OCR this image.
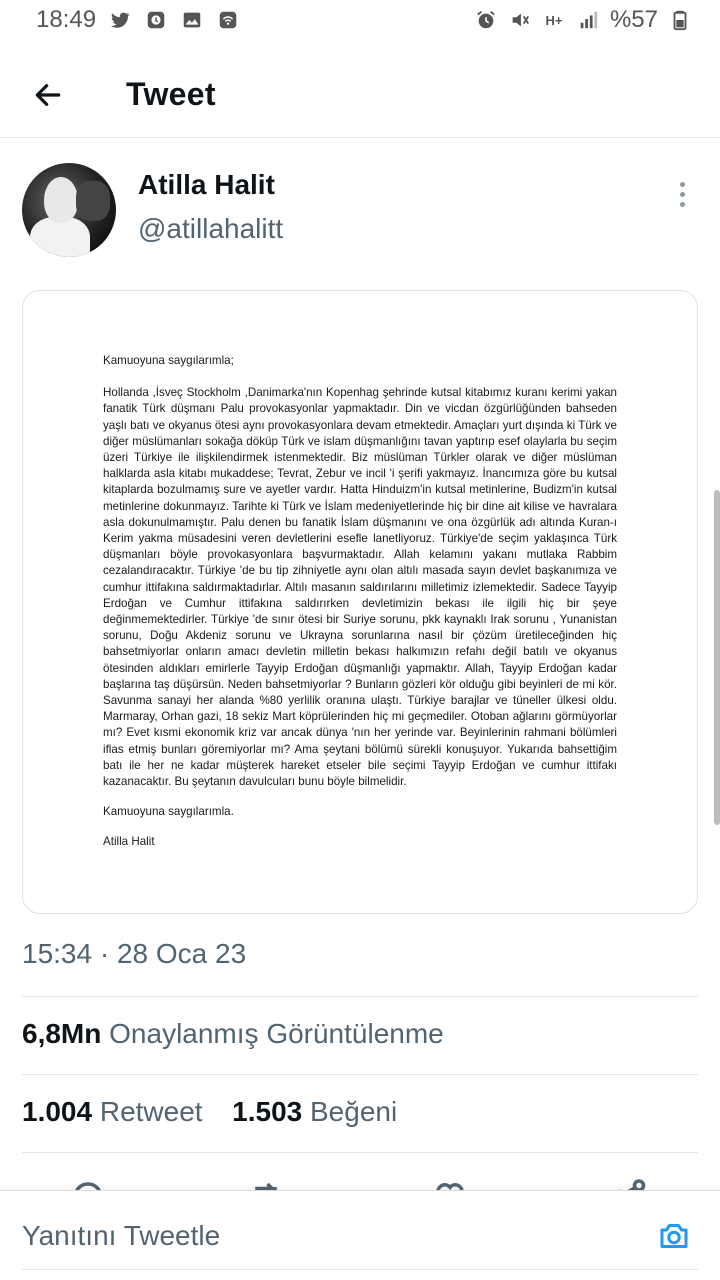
18:49	H+ %57
Tweet
Atilla Halit
@atillahalitt

Kamuoyuna saygılarımla;

Hollanda ,İsveç Stockholm ,Danimarka'nın Kopenhag şehrinde kutsal kitabımız kuranı kerimi yakan fanatik Türk düşmanı Palu provokasyonlar yapmaktadır. Din ve vicdan özgürlüğünden bahseden yaşlı batı ve okyanus ötesi aynı provokasyonlara devam etmektedir. Amaçları yurt dışında ki Türk ve diğer müslümanları sokağa döküp Türk ve islam düşmanlığını tavan yaptırıp esef olaylarla bu seçim üzeri Türkiye ile ilişkilendirmek istenmektedir. Biz müslüman Türkler olarak ve diğer müslüman halklarda asla kitabı mukaddese; Tevrat, Zebur ve incil 'i şerifi yakmayız. İnancımıza göre bu kutsal kitaplarda bozulmamış sure ve ayetler vardır. Hatta Hinduizm'in kutsal metinlerine, Budizm'in kutsal metinlerine dokunmayız. Tarihte ki Türk ve İslam medeniyetlerinde hiç bir dine ait kilise ve havralara asla dokunulmamıştır. Palu denen bu fanatik İslam düşmanını ve ona özgürlük adı altında Kuran-ı Kerim yakma müsadesini veren devletlerini esefle lanetliyoruz. Türkiye'de seçim yaklaşınca Türk düşmanları böyle provokasyonlara başvurmaktadır. Allah kelamını yakanı mutlaka Rabbim cezalandıracaktır. Türkiye 'de bu tip zihniyetle aynı olan altılı masada sayın devlet başkanımıza ve cumhur ittifakına saldırmaktadırlar. Altılı masanın saldırılarını milletimiz izlemektedir. Sadece Tayyip Erdoğan ve Cumhur ittifakına saldırırken devletimizin bekası ile ilgili hiç bir şeye değinmemektedirler. Türkiye 'de sınır ötesi bir Suriye sorunu, pkk kaynaklı Irak sorunu , Yunanistan sorunu, Doğu Akdeniz sorunu ve Ukrayna sorunlarına nasıl bir çözüm üretileceğinden hiç bahsetmiyorlar onların amacı devletin milletin bekası halkımızın refahı değil batılı ve okyanus ötesinden aldıkları emirlerle Tayyip Erdoğan düşmanlığı yapmaktır. Allah, Tayyip Erdoğan kadar başlarına taş düşürsün. Neden bahsetmiyorlar ? Bunların gözleri kör olduğu gibi beyinleri de mi kör. Savunma sanayi her alanda %80 yerlilik oranına ulaştı. Türkiye barajlar ve tüneller ülkesi oldu. Marmaray, Orhan gazi, 18 sekiz Mart köprülerinden hiç mi geçmediler. Otoban ağlarını görmüyorlar mı? Evet kısmi ekonomik kriz var ancak dünya 'nın her yerinde var. Beyinlerinin rahmani bölümleri iflas etmiş bunları göremiyorlar mı? Ama şeytani bölümü sürekli konuşuyor. Yukarıda bahsettiğim batı ile her ne kadar müşterek hareket etseler bile seçimi Tayyip Erdoğan ve cumhur ittifakı kazanacaktır. Bu şeytanın davulcuları bunu böyle bilmelidir.

Kamuoyuna saygılarımla.

Atilla Halit

15:34 · 28 Oca 23
6,8Mn Onaylanmış Görüntülenme
1.004 Retweet 1.503 Beğeni
Yanıtını Tweetle
